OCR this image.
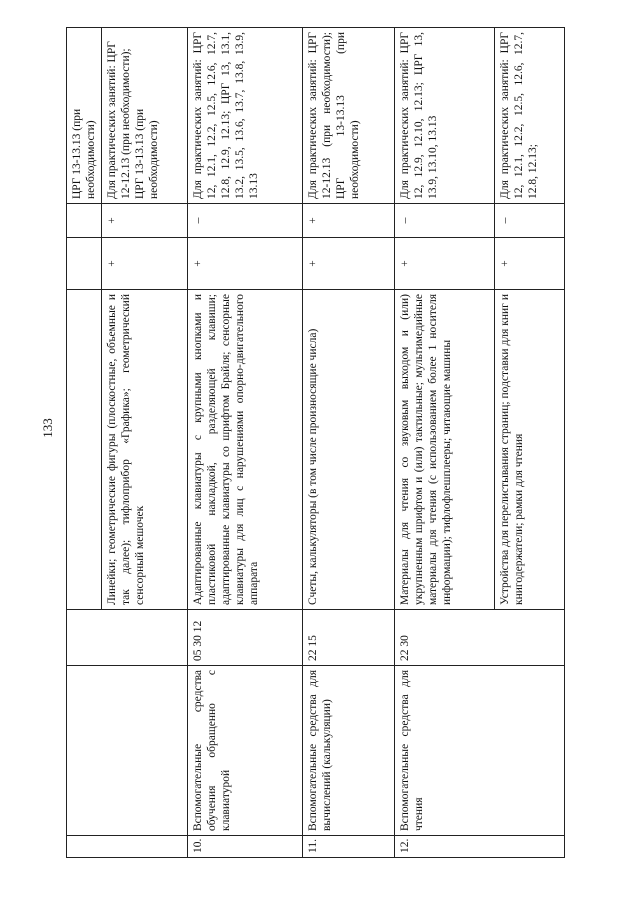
133
						ЦРГ 13-13.13 (при необходимости)
			Линейки; геометрические фигуры (плоскостные, объемные и так далее); тифлоприбор «Графика»; геометрический сенсорный мешочек	+	+	Для практических занятий: ЦРГ 12-12.13 (при необходимости); ЦРГ 13-13.13 (при необходимости)
10.	Вспомогательные средства обучения обращенно с клавиатурой	05 30 12	Адаптированные клавиатуры с крупными кнопками и пластиковой накладкой, разделяющей клавиши; адаптированные клавиатуры со шрифтом Брайля; сенсорные клавиатуры для лиц с нарушениями опорно-двигательного аппарата	+	–	Для практических занятий: ЦРГ 12, 12.1, 12.2, 12.5, 12.6, 12.7, 12.8, 12.9, 12.13; ЦРГ 13, 13.1, 13.2, 13.5, 13.6, 13.7, 13.8, 13.9, 13.13
11.	Вспомогательные средства для вычислений (калькуляции)	22 15	Счеты, калькуляторы (в том числе произносящие числа)	+	+	Для практических занятий: ЦРГ 12-12.13 (при необходимости); ЦРГ 13-13.13 (при необходимости)
12.	Вспомогательные средства для чтения	22 30	Материалы для чтения со звуковым выходом и (или) укрупненным шрифтом и (или) тактильные; мультимедийные материалы для чтения (с использованием более 1 носителя информации); тифлофлешплееры; читающие машины	+	–	Для практических занятий: ЦРГ 12, 12.9, 12.10, 12.13; ЦРГ 13, 13.9, 13.10, 13.13
			Устройства для перелистывания страниц; подставки для книг и книгодержатели; рамки для чтения	+	–	Для практических занятий: ЦРГ 12, 12.1, 12.2, 12.5, 12.6, 12.7, 12.8, 12.13;
